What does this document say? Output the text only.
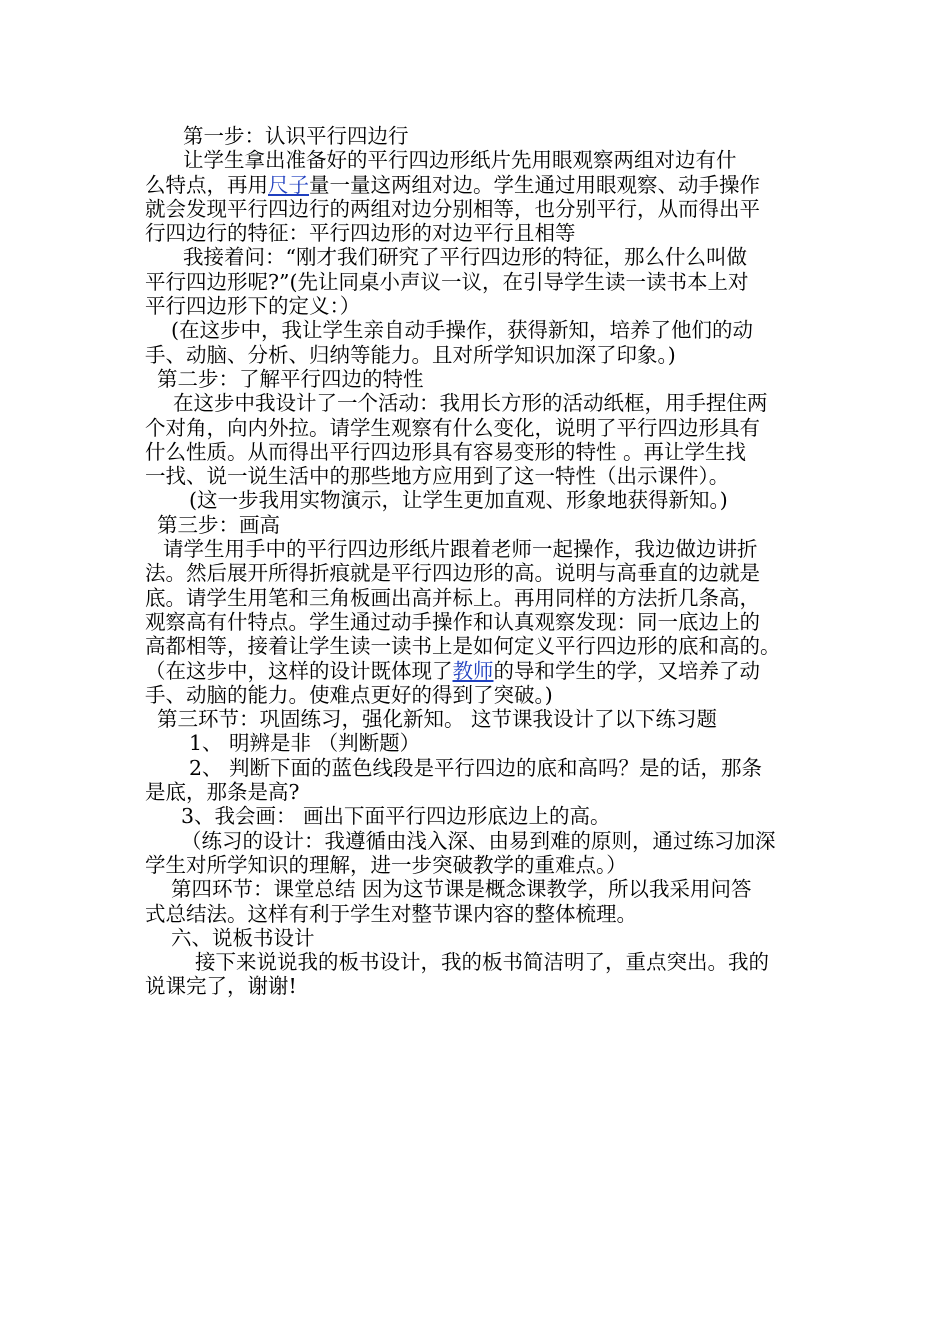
第一步：认识平行四边行

让学生拿出准备好的平行四边形纸片先用眼观察两组对边有什

么特点，再用尺子量一量这两组对边。学生通过用眼观察、动手操作

就会发现平行四边行的两组对边分别相等，也分别平行，从而得出平

行四边行的特征：平行四边形的对边平行且相等

我接着问：“刚才我们研究了平行四边形的特征，那么什么叫做

平行四边形呢?”(先让同桌小声议一议，在引导学生读一读书本上对

平行四边形下的定义：）

(在这步中，我让学生亲自动手操作，获得新知，培养了他们的动

手、动脑、分析、归纳等能力。且对所学知识加深了印象。)

第二步：了解平行四边的特性

在这步中我设计了一个活动：我用长方形的活动纸框，用手捏住两

个对角，向内外拉。请学生观察有什么变化，说明了平行四边形具有

什么性质。从而得出平行四边形具有容易变形的特性 。再让学生找

一找、说一说生活中的那些地方应用到了这一特性（出示课件）。

(这一步我用实物演示，让学生更加直观、形象地获得新知。)

第三步：画高

请学生用手中的平行四边形纸片跟着老师一起操作，我边做边讲折

法。然后展开所得折痕就是平行四边形的高。说明与高垂直的边就是

底。请学生用笔和三角板画出高并标上。再用同样的方法折几条高，

观察高有什特点。学生通过动手操作和认真观察发现：同一底边上的

高都相等，接着让学生读一读书上是如何定义平行四边形的底和高的。

（在这步中，这样的设计既体现了教师的导和学生的学，又培养了动

手、动脑的能力。使难点更好的得到了突破。)

第三环节：巩固练习，强化新知。 这节课我设计了以下练习题

1、 明辨是非 （判断题）

2、 判断下面的蓝色线段是平行四边的底和高吗？是的话，那条

是底，那条是高?

3、我会画： 画出下面平行四边形底边上的高。

（练习的设计：我遵循由浅入深、由易到难的原则，通过练习加深

学生对所学知识的理解，进一步突破教学的重难点。）

第四环节：课堂总结 因为这节课是概念课教学，所以我采用问答

式总结法。这样有利于学生对整节课内容的整体梳理。

六、说板书设计

接下来说说我的板书设计，我的板书简洁明了，重点突出。我的

说课完了，谢谢!
